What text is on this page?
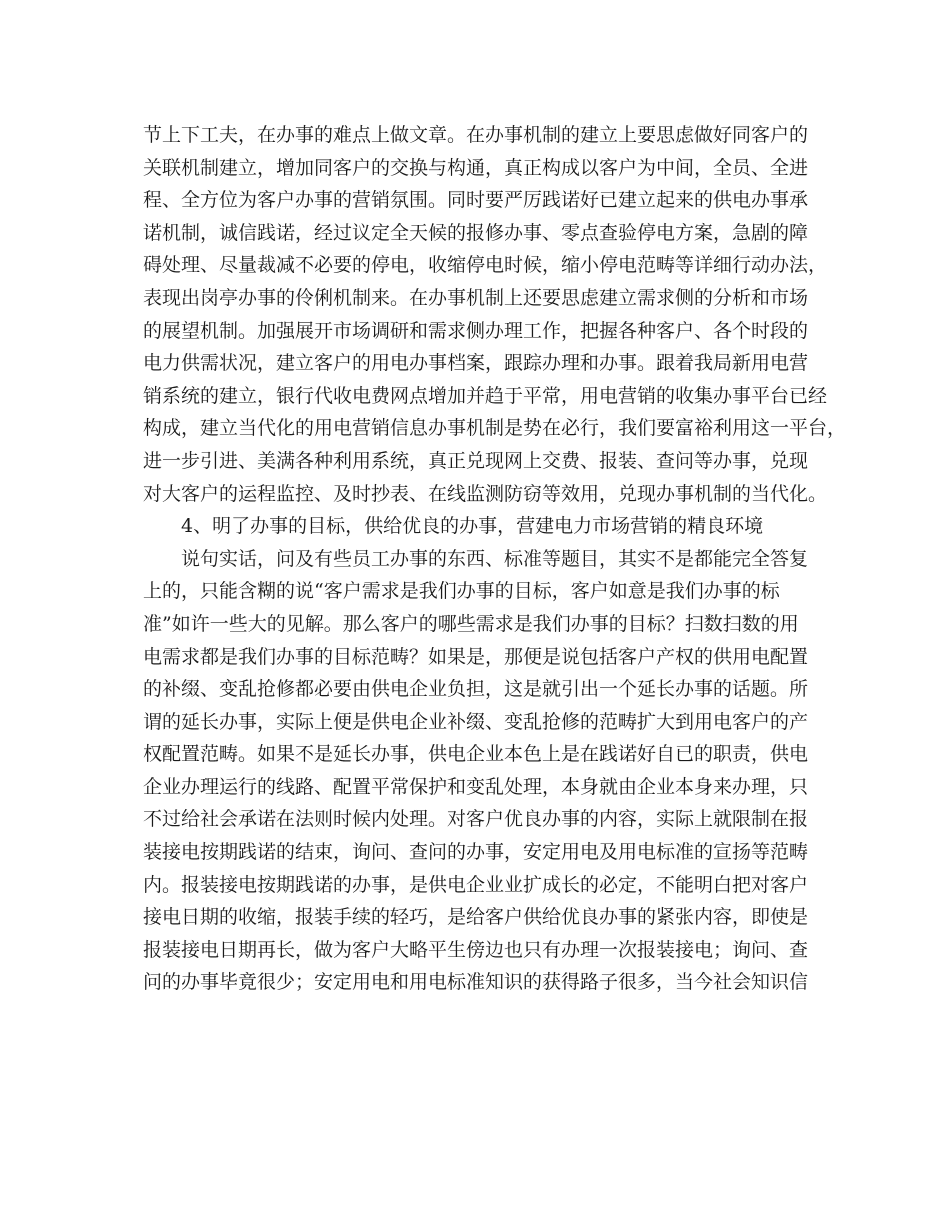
节上下工夫，在办事的难点上做文章。在办事机制的建立上要思虑做好同客户的
关联机制建立，增加同客户的交换与构通，真正构成以客户为中间，全员、全进
程、全方位为客户办事的营销氛围。同时要严厉践诺好已建立起来的供电办事承
诺机制，诚信践诺，经过议定全天候的报修办事、零点查验停电方案，急剧的障
碍处理、尽量裁减不必要的停电，收缩停电时候，缩小停电范畴等详细行动办法，
表现出岗亭办事的伶俐机制来。在办事机制上还要思虑建立需求侧的分析和市场
的展望机制。加强展开市场调研和需求侧办理工作，把握各种客户、各个时段的
电力供需状况，建立客户的用电办事档案，跟踪办理和办事。跟着我局新用电营
销系统的建立，银行代收电费网点增加并趋于平常，用电营销的收集办事平台已经
构成，建立当代化的用电营销信息办事机制是势在必行，我们要富裕利用这一平台，
进一步引进、美满各种利用系统，真正兑现网上交费、报装、查问等办事，兑现
对大客户的运程监控、及时抄表、在线监测防窃等效用，兑现办事机制的当代化。
4、明了办事的目标，供给优良的办事，营建电力市场营销的精良环境
说句实话，问及有些员工办事的东西、标准等题目，其实不是都能完全答复
上的，只能含糊的说“客户需求是我们办事的目标，客户如意是我们办事的标
准”如许一些大的见解。那么客户的哪些需求是我们办事的目标？扫数扫数的用
电需求都是我们办事的目标范畴？如果是，那便是说包括客户产权的供用电配置
的补缀、变乱抢修都必要由供电企业负担，这是就引出一个延长办事的话题。所
谓的延长办事，实际上便是供电企业补缀、变乱抢修的范畴扩大到用电客户的产
权配置范畴。如果不是延长办事，供电企业本色上是在践诺好自已的职责，供电
企业办理运行的线路、配置平常保护和变乱处理，本身就由企业本身来办理，只
不过给社会承诺在法则时候内处理。对客户优良办事的内容，实际上就限制在报
装接电按期践诺的结束，询问、查问的办事，安定用电及用电标准的宣扬等范畴
内。报装接电按期践诺的办事，是供电企业业扩成长的必定，不能明白把对客户
接电日期的收缩，报装手续的轻巧，是给客户供给优良办事的紧张内容，即使是
报装接电日期再长，做为客户大略平生傍边也只有办理一次报装接电；询问、查
问的办事毕竟很少；安定用电和用电标准知识的获得路子很多，当今社会知识信
